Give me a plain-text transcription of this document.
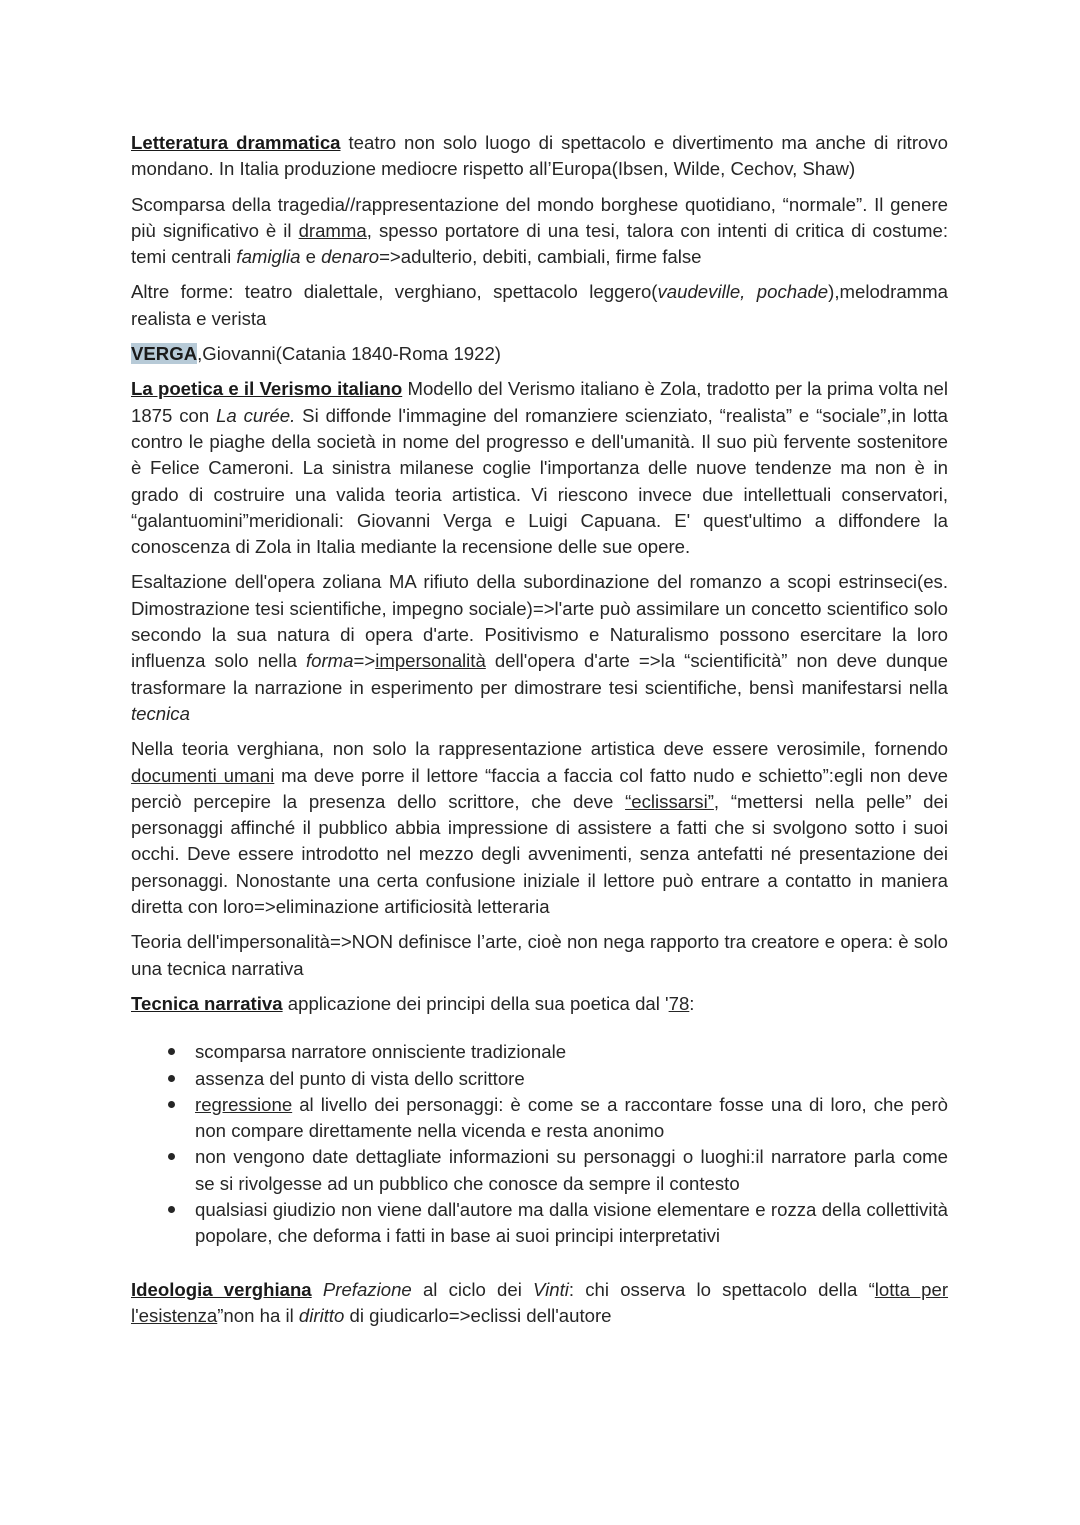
Letteratura drammatica teatro non solo luogo di spettacolo e divertimento ma anche di ritrovo mondano. In Italia produzione mediocre rispetto all’Europa(Ibsen, Wilde, Cechov, Shaw)

Scomparsa della tragedia//rappresentazione del mondo borghese quotidiano, “normale”. Il genere più significativo è il dramma, spesso portatore di una tesi, talora con intenti di critica di costume: temi centrali famiglia e denaro=>adulterio, debiti, cambiali, firme false

Altre forme: teatro dialettale, verghiano, spettacolo leggero(vaudeville, pochade),melodramma realista e verista

VERGA,Giovanni(Catania 1840-Roma 1922)

La poetica e il Verismo italiano Modello del Verismo italiano è Zola, tradotto per la prima volta nel 1875 con La curée. Si diffonde l'immagine del romanziere scienziato, “realista” e “sociale”,in lotta contro le piaghe della società in nome del progresso e dell'umanità. Il suo più fervente sostenitore è Felice Cameroni. La sinistra milanese coglie l'importanza delle nuove tendenze ma non è in grado di costruire una valida teoria artistica. Vi riescono invece due intellettuali conservatori, “galantuomini”meridionali: Giovanni Verga e Luigi Capuana. E' quest'ultimo a diffondere la conoscenza di Zola in Italia mediante la recensione delle sue opere.

Esaltazione dell'opera zoliana MA rifiuto della subordinazione del romanzo a scopi estrinseci(es. Dimostrazione tesi scientifiche, impegno sociale)=>l'arte può assimilare un concetto scientifico solo secondo la sua natura di opera d'arte. Positivismo e Naturalismo possono esercitare la loro influenza solo nella forma=>impersonalità dell'opera d'arte =>la “scientificità” non deve dunque trasformare la narrazione in esperimento per dimostrare tesi scientifiche, bensì manifestarsi nella tecnica

Nella teoria verghiana, non solo la rappresentazione artistica deve essere verosimile, fornendo documenti umani ma deve porre il lettore “faccia a faccia col fatto nudo e schietto”:egli non deve perciò percepire la presenza dello scrittore, che deve “eclissarsi”, “mettersi nella pelle” dei personaggi affinché il pubblico abbia impressione di assistere a fatti che si svolgono sotto i suoi occhi. Deve essere introdotto nel mezzo degli avvenimenti, senza antefatti né presentazione dei personaggi. Nonostante una certa confusione iniziale il lettore può entrare a contatto in maniera diretta con loro=>eliminazione artificiosità letteraria

Teoria dell'impersonalità=>NON definisce l’arte, cioè non nega rapporto tra creatore e opera: è solo una tecnica narrativa

Tecnica narrativa applicazione dei principi della sua poetica dal '78:

scomparsa narratore onnisciente tradizionale
assenza del punto di vista dello scrittore
regressione al livello dei personaggi: è come se a raccontare fosse una di loro, che però non compare direttamente nella vicenda e resta anonimo
non vengono date dettagliate informazioni su personaggi o luoghi:il narratore parla come se si rivolgesse ad un pubblico che conosce da sempre il contesto
qualsiasi giudizio non viene dall'autore ma dalla visione elementare e rozza della collettività popolare, che deforma i fatti in base ai suoi principi interpretativi

Ideologia verghiana Prefazione al ciclo dei Vinti: chi osserva lo spettacolo della “lotta per l'esistenza”non ha il diritto di giudicarlo=>eclissi dell'autore
